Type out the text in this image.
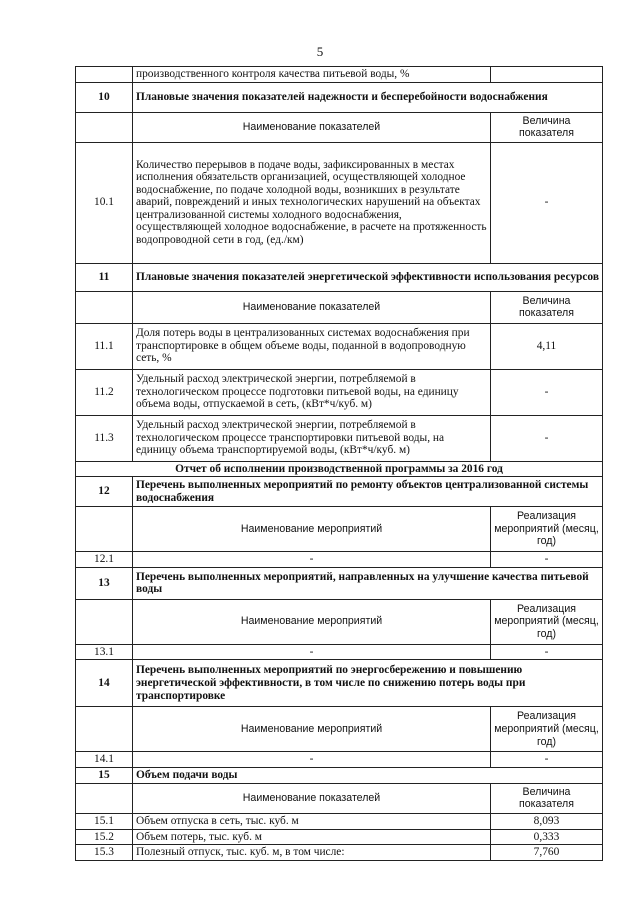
5
	производственного контроля качества питьевой воды, %	
10	Плановые значения показателей надежности и бесперебойности водоснабжения	
	Наименование показателей	Величина показателя
10.1	Количество перерывов в подаче воды, зафиксированных в местах исполнения обязательств организацией, осуществляющей холодное водоснабжение, по подаче холодной воды, возникших в результате аварий, повреждений и иных технологических нарушений на объектах централизованной системы холодного водоснабжения, осуществляющей холодное водоснабжение, в расчете на протяженность водопроводной сети в год, (ед./км)	-
11	Плановые значения показателей энергетической эффективности использования ресурсов	
	Наименование показателей	Величина показателя
11.1	Доля потерь воды в централизованных системах водоснабжения при транспортировке в общем объеме воды, поданной в водопроводную сеть, %	4,11
11.2	Удельный расход электрической энергии, потребляемой в технологическом процессе подготовки питьевой воды, на единицу объема воды, отпускаемой в сеть, (кВт*ч/куб. м)	-
11.3	Удельный расход электрической энергии, потребляемой в технологическом процессе транспортировки питьевой воды, на единицу объема транспортируемой воды, (кВт*ч/куб. м)	-
Отчет об исполнении производственной программы за 2016 год		
12	Перечень выполненных мероприятий по ремонту объектов централизованной системы водоснабжения	
	Наименование мероприятий	Реализация мероприятий (месяц, год)
12.1	-	-
13	Перечень выполненных мероприятий, направленных на улучшение качества питьевой воды	
	Наименование мероприятий	Реализация мероприятий (месяц, год)
13.1	-	-
14	Перечень выполненных мероприятий по энергосбережению и повышению энергетической эффективности, в том числе по снижению потерь воды при транспортировке	
	Наименование мероприятий	Реализация мероприятий (месяц, год)
14.1	-	-
15	Объем подачи воды	
	Наименование показателей	Величина показателя
15.1	Объем отпуска в сеть, тыс. куб. м	8,093
15.2	Объем потерь, тыс. куб. м	0,333
15.3	Полезный отпуск, тыс. куб. м, в том числе:	7,760
